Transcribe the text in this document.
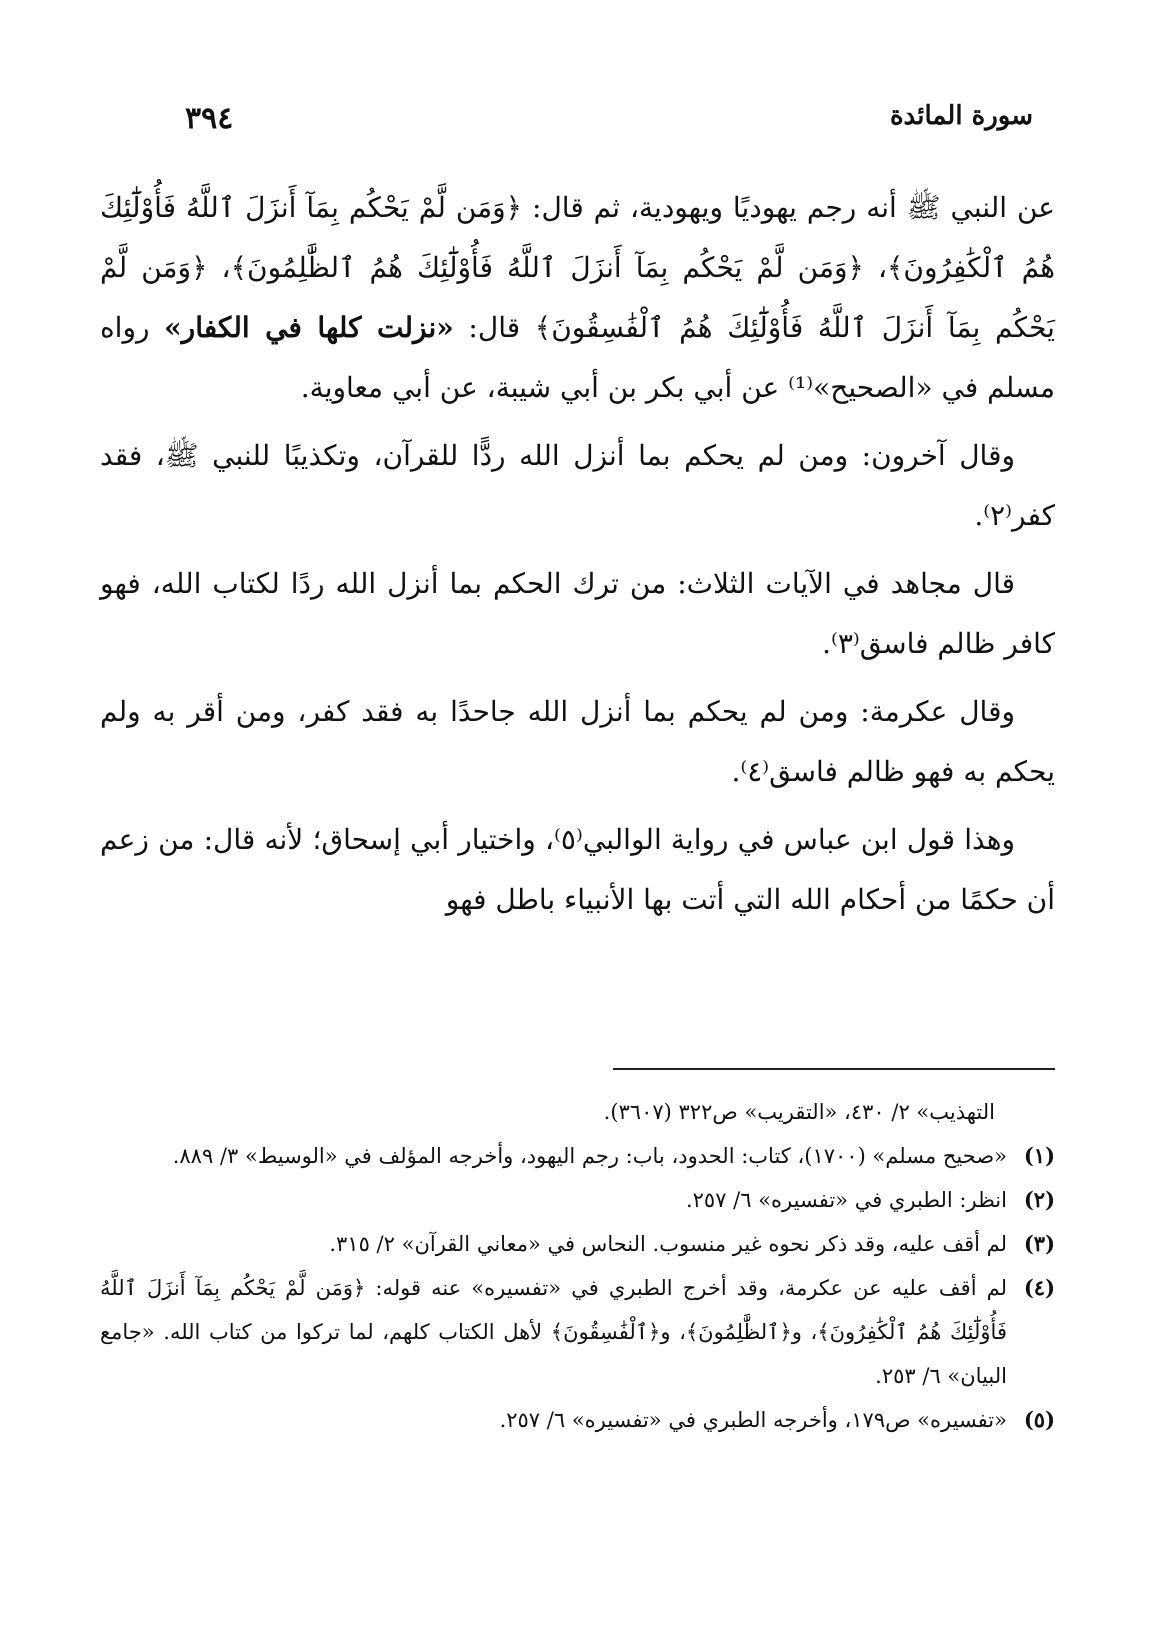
٣٩٤	سورة المائدة

عن النبي ﷺ أنه رجم يهوديًا ويهودية، ثم قال: ﴿وَمَن لَّمْ يَحْكُم بِمَآ أَنزَلَ ٱللَّهُ فَأُوْلَٰٓئِكَ هُمُ ٱلْكَٰفِرُونَ﴾، ﴿وَمَن لَّمْ يَحْكُم بِمَآ أَنزَلَ ٱللَّهُ فَأُوْلَٰٓئِكَ هُمُ ٱلظَّٰلِمُونَ﴾، ﴿وَمَن لَّمْ يَحْكُم بِمَآ أَنزَلَ ٱللَّهُ فَأُوْلَٰٓئِكَ هُمُ ٱلْفَٰسِقُونَ﴾ قال: «نزلت كلها في الكفار» رواه مسلم في «الصحيح»⁽¹⁾ عن أبي بكر بن أبي شيبة، عن أبي معاوية.

وقال آخرون: ومن لم يحكم بما أنزل الله ردًّا للقرآن، وتكذيبًا للنبي ﷺ، فقد كفر⁽٢⁾.

قال مجاهد في الآيات الثلاث: من ترك الحكم بما أنزل الله ردًا لكتاب الله، فهو كافر ظالم فاسق⁽٣⁾.

وقال عكرمة: ومن لم يحكم بما أنزل الله جاحدًا به فقد كفر، ومن أقر به ولم يحكم به فهو ظالم فاسق⁽٤⁾.

وهذا قول ابن عباس في رواية الوالبي⁽٥⁾، واختيار أبي إسحاق؛ لأنه قال: من زعم أن حكمًا من أحكام الله التي أتت بها الأنبياء باطل فهو

التهذيب» ٢/ ٤٣٠، «التقريب» ص٣٢٢ (٣٦٠٧).

(١)
«صحيح مسلم» (١٧٠٠)، كتاب: الحدود، باب: رجم اليهود، وأخرجه المؤلف في «الوسيط» ٣/ ٨٨٩.
(٢)
انظر: الطبري في «تفسيره» ٦/ ٢٥٧.
(٣)
لم أقف عليه، وقد ذكر نحوه غير منسوب. النحاس في «معاني القرآن» ٢/ ٣١٥.
(٤)
لم أقف عليه عن عكرمة، وقد أخرج الطبري في «تفسيره» عنه قوله: ﴿وَمَن لَّمْ يَحْكُم بِمَآ أَنزَلَ ٱللَّهُ فَأُوْلَٰٓئِكَ هُمُ ٱلْكَٰفِرُونَ﴾، و﴿ٱلظَّٰلِمُونَ﴾، و﴿ٱلْفَٰسِقُونَ﴾ لأهل الكتاب كلهم، لما تركوا من كتاب الله. «جامع البيان» ٦/ ٢٥٣.
(٥)
«تفسيره» ص١٧٩، وأخرجه الطبري في «تفسيره» ٦/ ٢٥٧.
